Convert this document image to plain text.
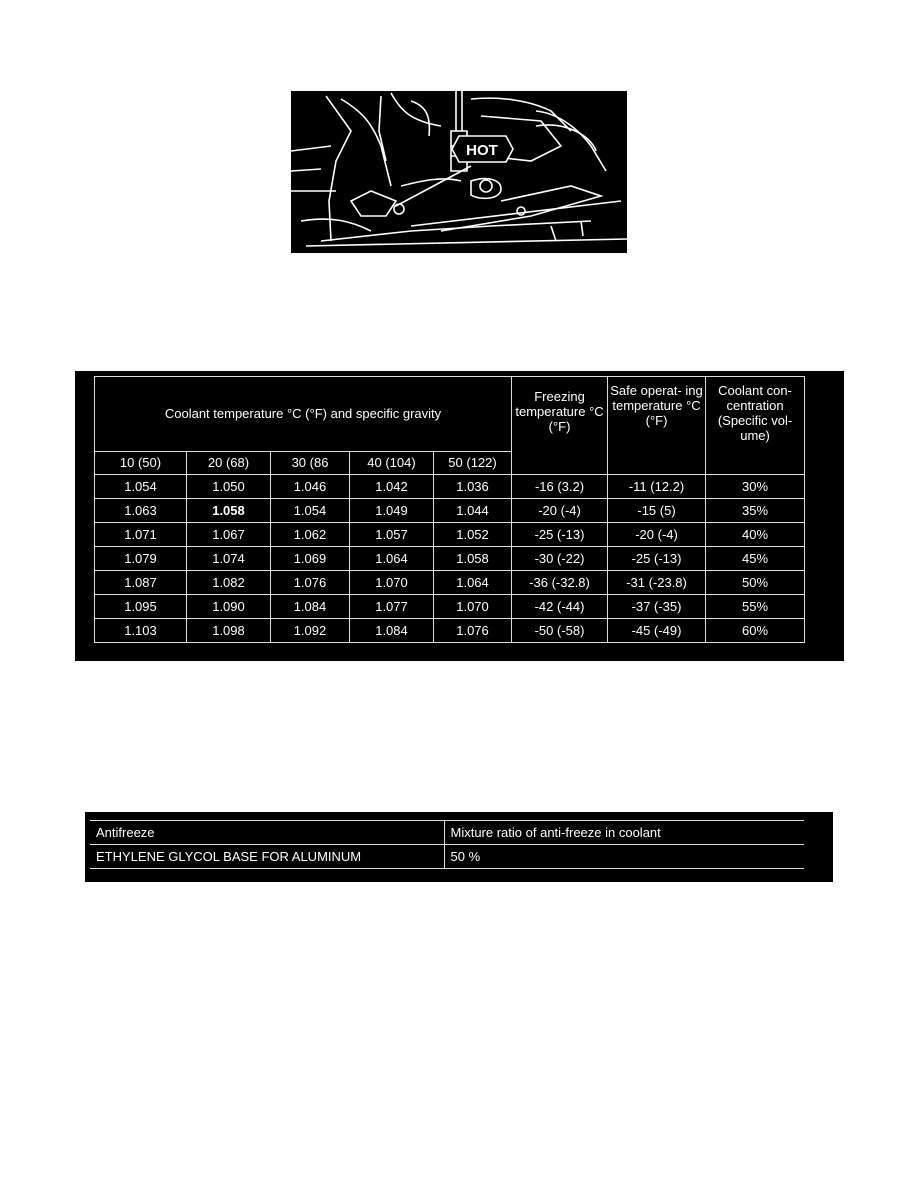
HOT
Coolant temperature °C (°F) and specific gravity					Freezing temperature °C (°F)	Safe operat- ing temperature °C (°F)	Coolant con- centration (Specific vol- ume)
10 (50)	20 (68)	30 (86	40 (104)	50 (122)			
1.054	1.050	1.046	1.042	1.036	-16 (3.2)	-11 (12.2)	30%
1.063	1.058	1.054	1.049	1.044	-20 (-4)	-15 (5)	35%
1.071	1.067	1.062	1.057	1.052	-25 (-13)	-20 (-4)	40%
1.079	1.074	1.069	1.064	1.058	-30 (-22)	-25 (-13)	45%
1.087	1.082	1.076	1.070	1.064	-36 (-32.8)	-31 (-23.8)	50%
1.095	1.090	1.084	1.077	1.070	-42 (-44)	-37 (-35)	55%
1.103	1.098	1.092	1.084	1.076	-50 (-58)	-45 (-49)	60%
Antifreeze	Mixture ratio of anti-freeze in coolant
ETHYLENE GLYCOL BASE FOR ALUMINUM	50 %
